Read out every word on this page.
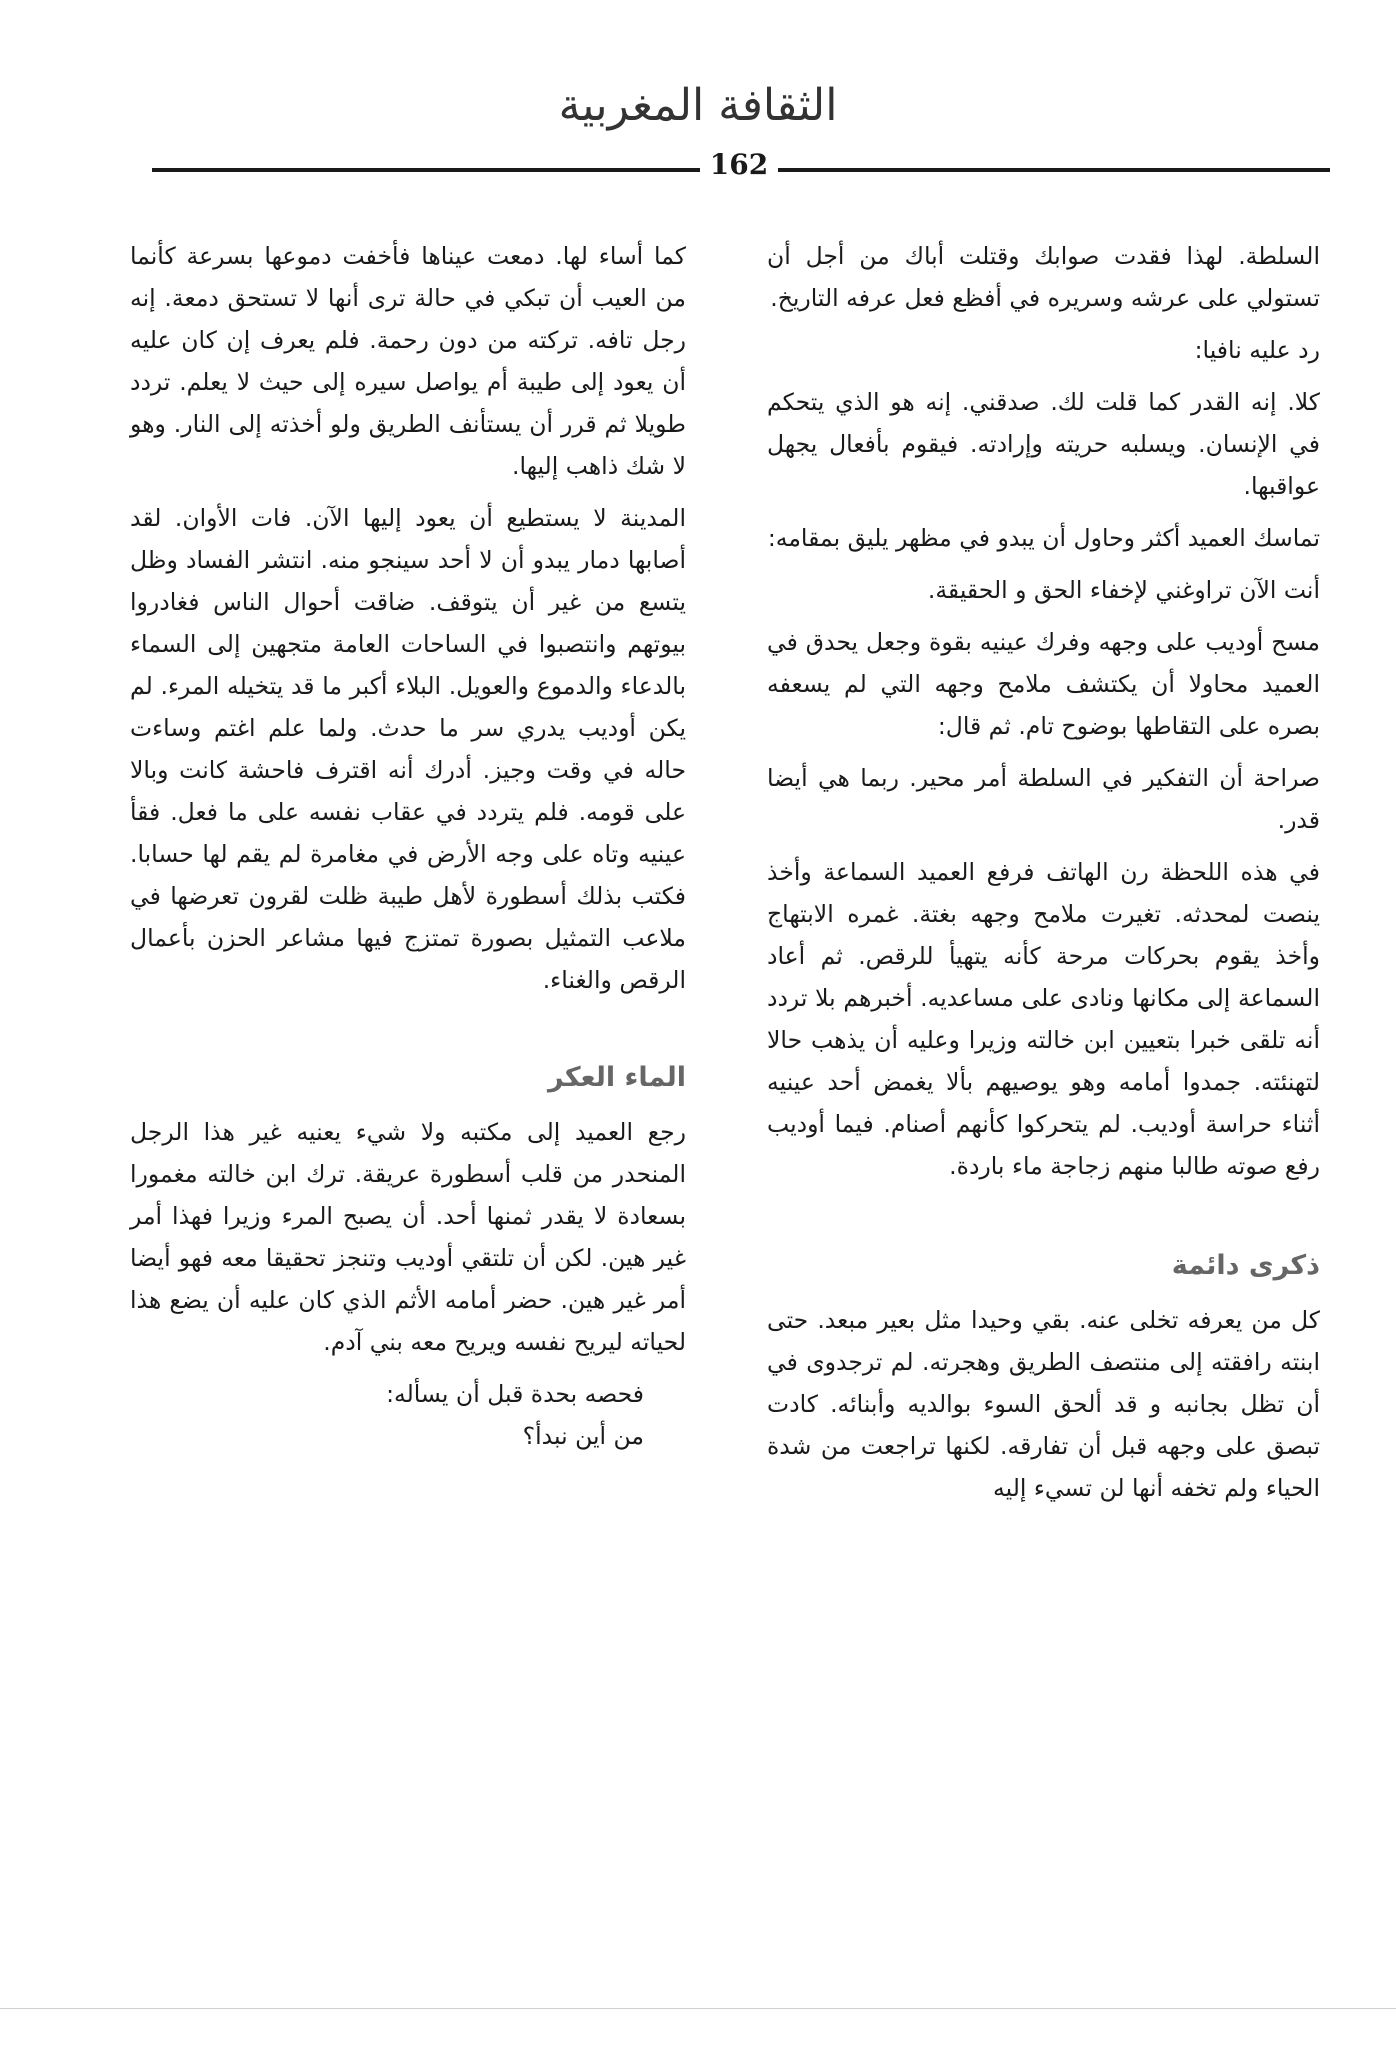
الثقافة المغربية
162

السلطة. لهذا فقدت صوابك وقتلت أباك من أجل أن تستولي على عرشه وسريره في أفظع فعل عرفه التاريخ.

رد عليه نافيا:

كلا. إنه القدر كما قلت لك. صدقني. إنه هو الذي يتحكم في الإنسان. ويسلبه حريته وإرادته. فيقوم بأفعال يجهل عواقبها.

تماسك العميد أكثر وحاول أن يبدو في مظهر يليق بمقامه:

أنت الآن تراوغني لإخفاء الحق و الحقيقة.

مسح أوديب على وجهه وفرك عينيه بقوة وجعل يحدق في العميد محاولا أن يكتشف ملامح وجهه التي لم يسعفه بصره على التقاطها بوضوح تام. ثم قال:

صراحة أن التفكير في السلطة أمر محير. ربما هي أيضا قدر.

في هذه اللحظة رن الهاتف فرفع العميد السماعة وأخذ ينصت لمحدثه. تغيرت ملامح وجهه بغتة. غمره الابتهاج وأخذ يقوم بحركات مرحة كأنه يتهيأ للرقص. ثم أعاد السماعة إلى مكانها ونادى على مساعديه. أخبرهم بلا تردد أنه تلقى خبرا بتعيين ابن خالته وزيرا وعليه أن يذهب حالا لتهنئته. جمدوا أمامه وهو يوصيهم بألا يغمض أحد عينيه أثناء حراسة أوديب. لم يتحركوا كأنهم أصنام. فيما أوديب رفع صوته طالبا منهم زجاجة ماء باردة.

ذكرى دائمة

كل من يعرفه تخلى عنه. بقي وحيدا مثل بعير مبعد. حتى ابنته رافقته إلى منتصف الطريق وهجرته. لم ترجدوى في أن تظل بجانبه و قد ألحق السوء بوالديه وأبنائه. كادت تبصق على وجهه قبل أن تفارقه. لكنها تراجعت من شدة الحياء ولم تخفه أنها لن تسيء إليه

كما أساء لها. دمعت عيناها فأخفت دموعها بسرعة كأنما من العيب أن تبكي في حالة ترى أنها لا تستحق دمعة. إنه رجل تافه. تركته من دون رحمة. فلم يعرف إن كان عليه أن يعود إلى طيبة أم يواصل سيره إلى حيث لا يعلم. تردد طويلا ثم قرر أن يستأنف الطريق ولو أخذته إلى النار. وهو لا شك ذاهب إليها.

المدينة لا يستطيع أن يعود إليها الآن. فات الأوان. لقد أصابها دمار يبدو أن لا أحد سينجو منه. انتشر الفساد وظل يتسع من غير أن يتوقف. ضاقت أحوال الناس فغادروا بيوتهم وانتصبوا في الساحات العامة متجهين إلى السماء بالدعاء والدموع والعويل. البلاء أكبر ما قد يتخيله المرء. لم يكن أوديب يدري سر ما حدث. ولما علم اغتم وساءت حاله في وقت وجيز. أدرك أنه اقترف فاحشة كانت وبالا على قومه. فلم يتردد في عقاب نفسه على ما فعل. فقأ عينيه وتاه على وجه الأرض في مغامرة لم يقم لها حسابا. فكتب بذلك أسطورة لأهل طيبة ظلت لقرون تعرضها في ملاعب التمثيل بصورة تمتزج فيها مشاعر الحزن بأعمال الرقص والغناء.

الماء العكر

رجع العميد إلى مكتبه ولا شيء يعنيه غير هذا الرجل المنحدر من قلب أسطورة عريقة. ترك ابن خالته مغمورا بسعادة لا يقدر ثمنها أحد. أن يصبح المرء وزيرا فهذا أمر غير هين. لكن أن تلتقي أوديب وتنجز تحقيقا معه فهو أيضا أمر غير هين. حضر أمامه الأثم الذي كان عليه أن يضع هذا لحياته ليريح نفسه ويريح معه بني آدم.

فحصه بحدة قبل أن يسأله:

من أين نبدأ؟
